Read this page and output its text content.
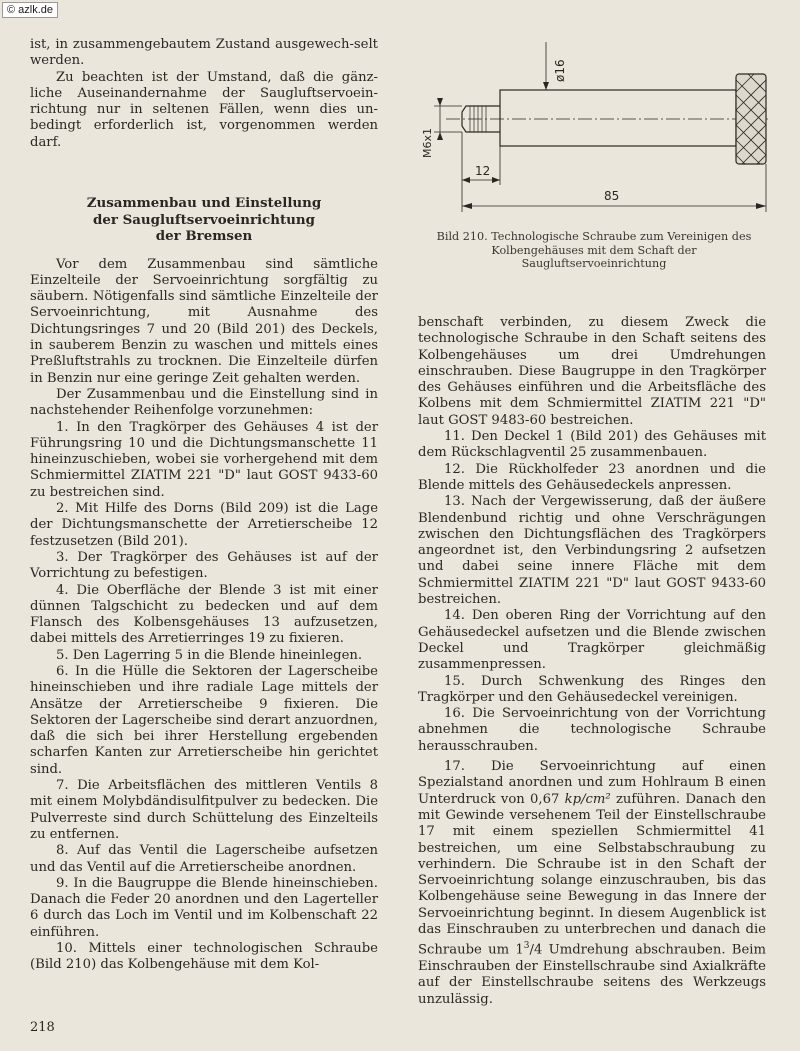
© azlk.de

ist, in zusammengebautem Zustand ausgewech-selt werden.

Zu beachten ist der Umstand, daß die gänz-liche Auseinandernahme der Saugluftservoein-richtung nur in seltenen Fällen, wenn dies un-bedingt erforderlich ist, vorgenommen werden darf.

Zusammenbau und Einstellung
der Saugluftservoeinrichtung
der Bremsen

Vor dem Zusammenbau sind sämtliche Einzelteile der Servoeinrichtung sorgfältig zu säubern. Nötigenfalls sind sämtliche Einzelteile der Servoeinrichtung, mit Ausnahme des Dichtungsringes 7 und 20 (Bild 201) des Deckels, in sauberem Benzin zu waschen und mittels eines Preßluftstrahls zu trocknen. Die Einzelteile dürfen in Benzin nur eine geringe Zeit gehalten werden.

Der Zusammenbau und die Einstellung sind in nachstehender Reihenfolge vorzunehmen:

1. In den Tragkörper des Gehäuses 4 ist der Führungsring 10 und die Dichtungsmanschette 11 hineinzuschieben, wobei sie vorhergehend mit dem Schmiermittel ZIATIM 221 "D" laut GOST 9433-60 zu bestreichen sind.

2. Mit Hilfe des Dorns (Bild 209) ist die Lage der Dichtungsmanschette der Arretierscheibe 12 festzusetzen (Bild 201).

3. Der Tragkörper des Gehäuses ist auf der Vorrichtung zu befestigen.

4. Die Oberfläche der Blende 3 ist mit einer dünnen Talgschicht zu bedecken und auf dem Flansch des Kolbensgehäuses 13 aufzusetzen, dabei mittels des Arretierringes 19 zu fixieren.

5. Den Lagerring 5 in die Blende hineinlegen.

6. In die Hülle die Sektoren der Lagerscheibe hineinschieben und ihre radiale Lage mittels der Ansätze der Arretierscheibe 9 fixieren. Die Sektoren der Lagerscheibe sind derart anzuordnen, daß die sich bei ihrer Herstellung ergebenden scharfen Kanten zur Arretierscheibe hin gerichtet sind.

7. Die Arbeitsflächen des mittleren Ventils 8 mit einem Molybdändisulfitpulver zu bedecken. Die Pulverreste sind durch Schüttelung des Einzelteils zu entfernen.

8. Auf das Ventil die Lagerscheibe aufsetzen und das Ventil auf die Arretierscheibe anordnen.

9. In die Baugruppe die Blende hineinschieben. Danach die Feder 20 anordnen und den Lagerteller 6 durch das Loch im Ventil und im Kolbenschaft 22 einführen.

10. Mittels einer technologischen Schraube (Bild 210) das Kolbengehäuse mit dem Kol-

ø16
M6x1
12
85
Bild 210. Technologische Schraube zum Vereinigen des Kolbengehäuses mit dem Schaft der Saugluftservoeinrichtung

benschaft verbinden, zu diesem Zweck die technologische Schraube in den Schaft seitens des Kolbengehäuses um drei Umdrehungen einschrauben. Diese Baugruppe in den Tragkörper des Gehäuses einführen und die Arbeitsfläche des Kolbens mit dem Schmiermittel ZIATIM 221 "D" laut GOST 9483-60 bestreichen.

11. Den Deckel 1 (Bild 201) des Gehäuses mit dem Rückschlagventil 25 zusammenbauen.

12. Die Rückholfeder 23 anordnen und die Blende mittels des Gehäusedeckels anpressen.

13. Nach der Vergewisserung, daß der äußere Blendenbund richtig und ohne Verschrägungen zwischen den Dichtungsflächen des Tragkörpers angeordnet ist, den Verbindungsring 2 aufsetzen und dabei seine innere Fläche mit dem Schmiermittel ZIATIM 221 "D" laut GOST 9433-60 bestreichen.

14. Den oberen Ring der Vorrichtung auf den Gehäusedeckel aufsetzen und die Blende zwischen Deckel und Tragkörper gleichmäßig zusammenpressen.

15. Durch Schwenkung des Ringes den Tragkörper und den Gehäusedeckel vereinigen.

16. Die Servoeinrichtung von der Vorrichtung abnehmen die technologische Schraube herausschrauben.

17. Die Servoeinrichtung auf einen Spezialstand anordnen und zum Hohlraum B einen Unterdruck von 0,67 kp/cm² zuführen. Danach den mit Gewinde versehenem Teil der Einstellschraube 17 mit einem speziellen Schmiermittel 41 bestreichen, um eine Selbstabschraubung zu verhindern. Die Schraube ist in den Schaft der Servoeinrichtung solange einzuschrauben, bis das Kolbengehäuse seine Bewegung in das Innere der Servoeinrichtung beginnt. In diesem Augenblick ist das Einschrauben zu unterbrechen und danach die Schraube um $1^3/4$ Umdrehung abschrauben. Beim Einschrauben der Einstellschraube sind Axialkräfte auf der Einstellschraube seitens des Werkzeugs unzulässig.

218
